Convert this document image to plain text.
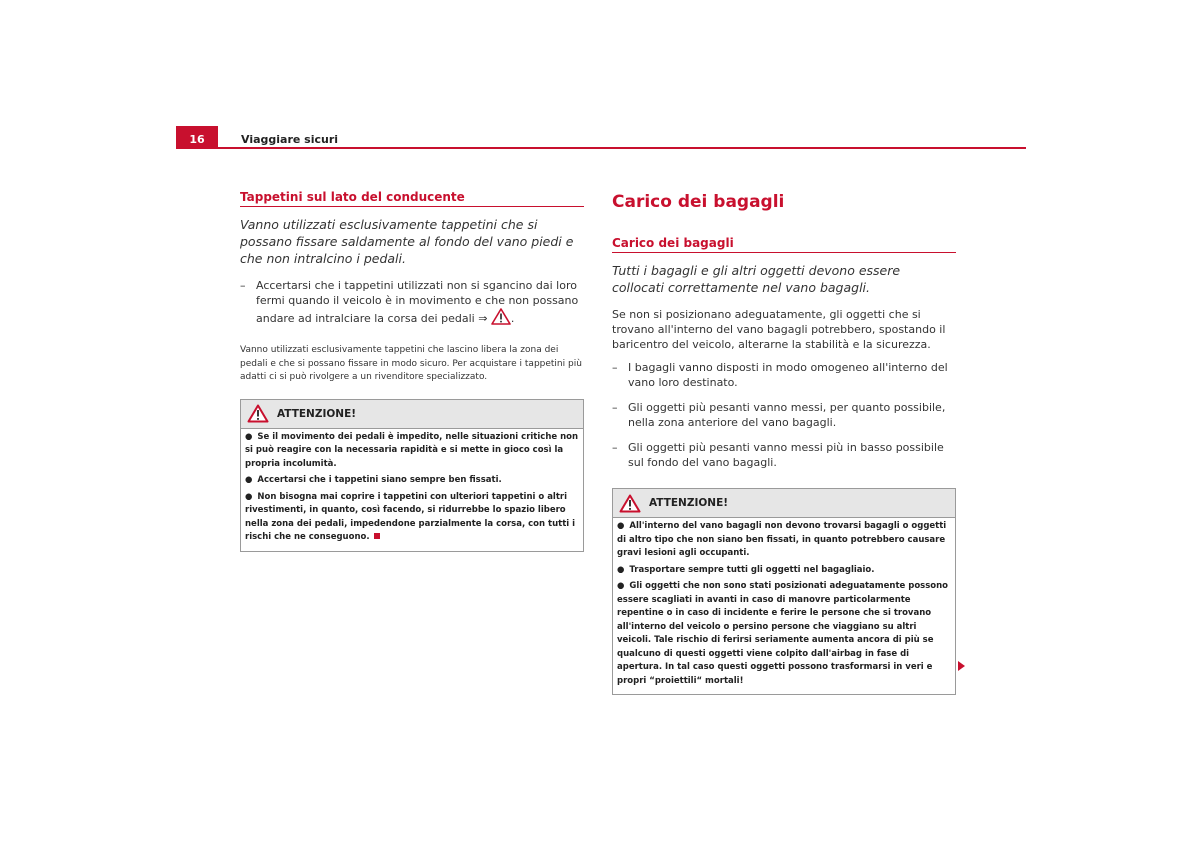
16	Viaggiare sicuri
Tappetini sul lato del conducente

Vanno utilizzati esclusivamente tappetini che si possano fissare saldamente al fondo del vano piedi e che non intralcino i pedali.

– Accertarsi che i tappetini utilizzati non si sgancino dai loro fermi quando il veicolo è in movimento e che non possano andare ad intralciare la corsa dei pedali ⇒ .

Vanno utilizzati esclusivamente tappetini che lascino libera la zona dei pedali e che si possano fissare in modo sicuro. Per acquistare i tappetini più adatti ci si può rivolgere a un rivenditore specializzato.

ATTENZIONE!

● Se il movimento dei pedali è impedito, nelle situazioni critiche non si può reagire con la necessaria rapidità e si mette in gioco così la propria incolumità.

● Accertarsi che i tappetini siano sempre ben fissati.

● Non bisogna mai coprire i tappetini con ulteriori tappetini o altri rivestimenti, in quanto, così facendo, si ridurrebbe lo spazio libero nella zona dei pedali, impedendone parzialmente la corsa, con tutti i rischi che ne conseguono.

Carico dei bagagli
Carico dei bagagli

Tutti i bagagli e gli altri oggetti devono essere collocati correttamente nel vano bagagli.

Se non si posizionano adeguatamente, gli oggetti che si trovano all'interno del vano bagagli potrebbero, spostando il baricentro del veicolo, alterarne la stabilità e la sicurezza.

– I bagagli vanno disposti in modo omogeneo all'interno del vano loro destinato.
– Gli oggetti più pesanti vanno messi, per quanto possibile, nella zona anteriore del vano bagagli.
– Gli oggetti più pesanti vanno messi più in basso possibile sul fondo del vano bagagli.
ATTENZIONE!

● All'interno del vano bagagli non devono trovarsi bagagli o oggetti di altro tipo che non siano ben fissati, in quanto potrebbero causare gravi lesioni agli occupanti.

● Trasportare sempre tutti gli oggetti nel bagagliaio.

● Gli oggetti che non sono stati posizionati adeguatamente possono essere scagliati in avanti in caso di manovre particolarmente repentine o in caso di incidente e ferire le persone che si trovano all'interno del veicolo o persino persone che viaggiano su altri veicoli. Tale rischio di ferirsi seriamente aumenta ancora di più se qualcuno di questi oggetti viene colpito dall'airbag in fase di apertura. In tal caso questi oggetti possono trasformarsi in veri e propri “proiettili“ mortali!
